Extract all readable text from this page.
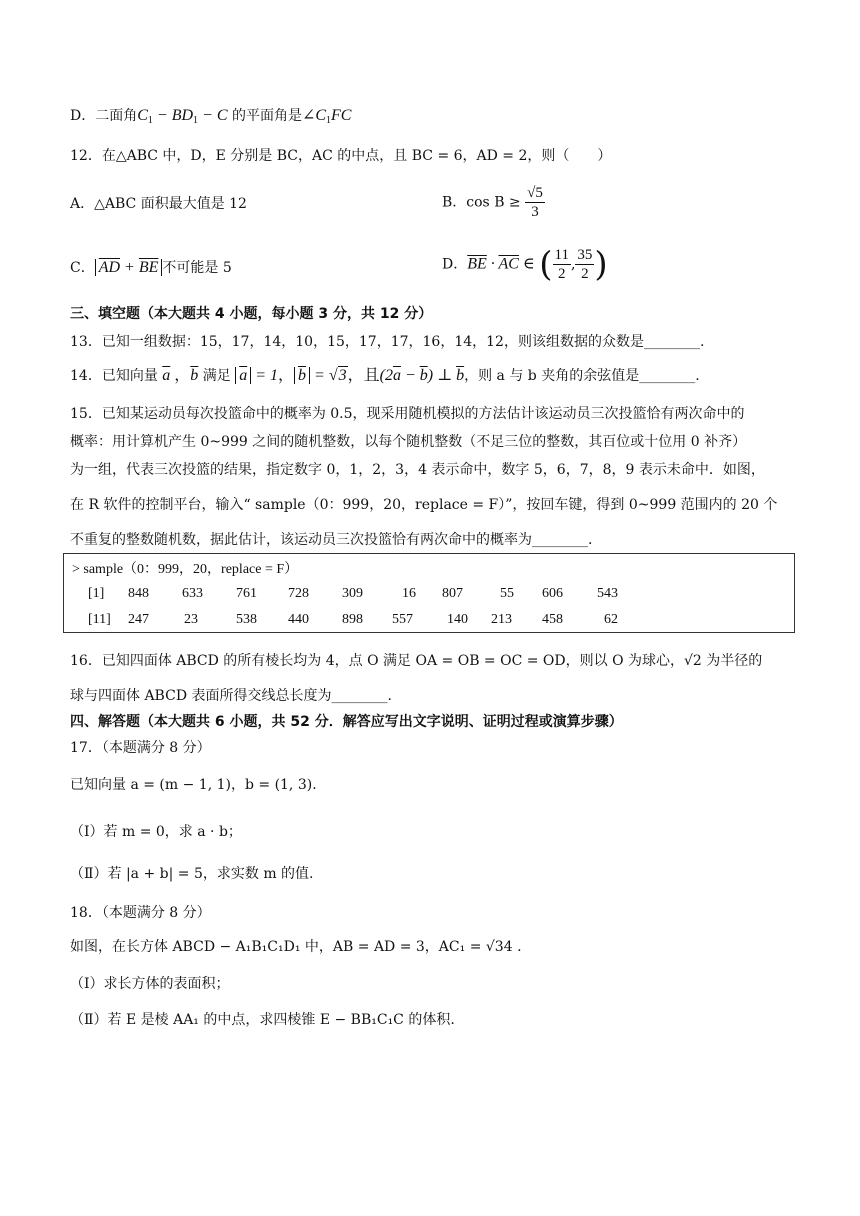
D．二面角$C_1 - BD_1 - C$ 的平面角是$\angle C_1FC$
12．在△ABC 中，D，E 分别是 BC，AC 的中点，且 BC = 6，AD = 2，则（　　）
A．△ABC 面积最大值是 12	B．$\cos B \ge \frac{√5}{3}$
C． $\overline{AD} + \overline{BE}$ 不可能是 5	D．$\overline{BE} \cdot \overline{AC}$ ∈ ( $\frac{11}{2}$ , $\frac{35}{2}$ )
三、填空题（本大题共 4 小题，每小题 3 分，共 12 分）
13．已知一组数据：15，17，14，10，15，17，17，16，14，12，则该组数据的众数是________.
14．已知向量 $\overline{a}$ ，$\overline{b}$ 满足 $\overline{a} = 1$， $\overline{b} = √3$，且$(2\overline{a} - \overline{b})$ ⊥ $\overline{b}$，则 a 与 b 夹角的余弦值是________.
15．已知某运动员每次投篮命中的概率为 0.5，现采用随机模拟的方法估计该运动员三次投篮恰有两次命中的
概率：用计算机产生 0~999 之间的随机整数，以每个随机整数（不足三位的整数，其百位或十位用 0 补齐）
为一组，代表三次投篮的结果，指定数字 0，1，2，3，4 表示命中，数字 5，6，7，8，9 表示未命中．如图，
在 R 软件的控制平台，输入“ sample（0：999，20，replace = F）”，按回车键，得到 0~999 范围内的 20 个
不重复的整数随机数，据此估计，该运动员三次投篮恰有两次命中的概率为________.
> sample（0：999，20，replace = F）
[1] 848 633 761 728 309	16 807	55 606 543
[11] 247	23	538 440 898 557 140 213 458	62
16．已知四面体 ABCD 的所有棱长均为 4，点 O 满足 OA = OB = OC = OD，则以 O 为球心，√2 为半径的
球与四面体 ABCD 表面所得交线总长度为________.
四、解答题（本大题共 6 小题，共 52 分．解答应写出文字说明、证明过程或演算步骤）
17．（本题满分 8 分）
已知向量 a = (m − 1, 1)，b = (1, 3).
（Ⅰ）若 m = 0，求 a · b；
（Ⅱ）若 |a + b| = 5，求实数 m 的值.
18．（本题满分 8 分）
如图，在长方体 ABCD − A₁B₁C₁D₁ 中，AB = AD = 3，AC₁ = √34 .
（Ⅰ）求长方体的表面积；
（Ⅱ）若 E 是棱 AA₁ 的中点，求四棱锥 E − BB₁C₁C 的体积.
